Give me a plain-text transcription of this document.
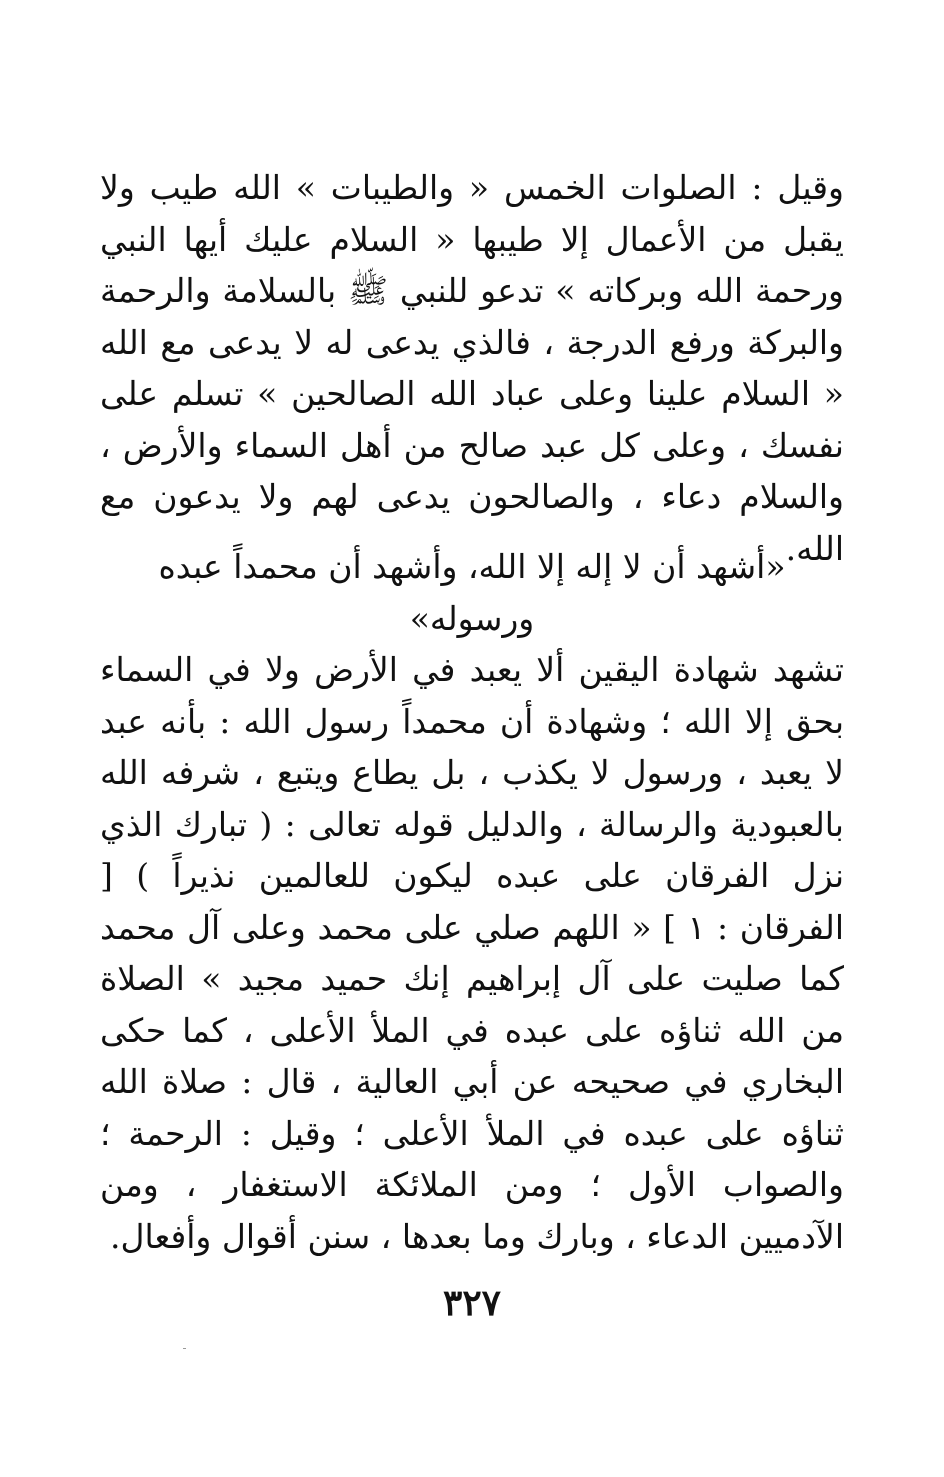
وقيل : الصلوات الخمس « والطيبات » الله طيب ولا يقبل من الأعمال إلا طيبها « السلام عليك أيها النبي ورحمة الله وبركاته » تدعو للنبي ﷺ بالسلامة والرحمة والبركة ورفع الدرجة ، فالذي يدعى له لا يدعى مع الله « السلام علينا وعلى عباد الله الصالحين » تسلم على نفسك ، وعلى كل عبد صالح من أهل السماء والأرض ، والسلام دعاء ، والصالحون يدعى لهم ولا يدعون مع الله.
«أشهد أن لا إله إلا الله، وأشهد أن محمداً عبده ورسوله»
تشهد شهادة اليقين ألا يعبد في الأرض ولا في السماء بحق إلا الله ؛ وشهادة أن محمداً رسول الله : بأنه عبد لا يعبد ، ورسول لا يكذب ، بل يطاع ويتبع ، شرفه الله بالعبودية والرسالة ، والدليل قوله تعالى : ( تبارك الذي نزل الفرقان على عبده ليكون للعالمين نذيراً ) [ الفرقان : ١ ] « اللهم صلي على محمد وعلى آل محمد كما صليت على آل إبراهيم إنك حميد مجيد » الصلاة من الله ثناؤه على عبده في الملأ الأعلى ، كما حكى البخاري في صحيحه عن أبي العالية ، قال : صلاة الله ثناؤه على عبده في الملأ الأعلى ؛ وقيل : الرحمة ؛ والصواب الأول ؛ ومن الملائكة الاستغفار ، ومن الآدميين الدعاء ، وبارك وما بعدها ، سنن أقوال وأفعال.
٣٢٧
